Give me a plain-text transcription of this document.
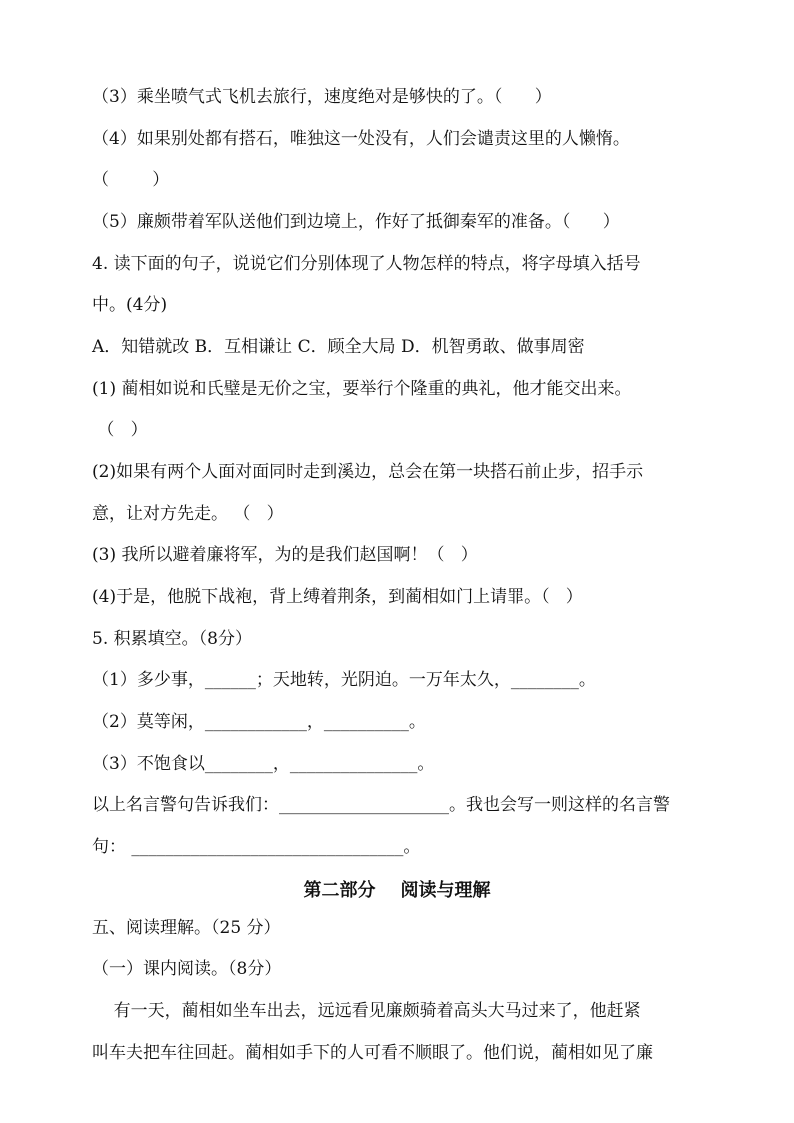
（3）乘坐喷气式飞机去旅行，速度绝对是够快的了。（      ）
（4）如果别处都有搭石，唯独这一处没有，人们会谴责这里的人懒惰。
（        ）
（5）廉颇带着军队送他们到边境上，作好了抵御秦军的准备。（      ）
4. 读下面的句子，说说它们分别体现了人物怎样的特点，将字母填入括号
中。(4分)
A．知错就改 B．互相谦让 C．顾全大局 D．机智勇敢、做事周密
(1) 蔺相如说和氏璧是无价之宝，要举行个隆重的典礼，他才能交出来。
（   ）
(2)如果有两个人面对面同时走到溪边，总会在第一块搭石前止步，招手示
意，让对方先走。 （   ）
(3) 我所以避着廉将军，为的是我们赵国啊！（   ）
(4)于是，他脱下战袍，背上缚着荆条，到蔺相如门上请罪。（   ）
5. 积累填空。（8分）
（1）多少事，______；天地转，光阴迫。一万年太久，________。
（2）莫等闲，____________，__________。
（3）不饱食以________，_______________。
以上名言警句告诉我们：____________________。我也会写一则这样的名言警
句： ________________________________。
第二部分    阅读与理解
五、阅读理解。（25 分）
（一）课内阅读。（8分）
有一天，蔺相如坐车出去，远远看见廉颇骑着高头大马过来了，他赶紧
叫车夫把车往回赶。蔺相如手下的人可看不顺眼了。他们说，蔺相如见了廉
